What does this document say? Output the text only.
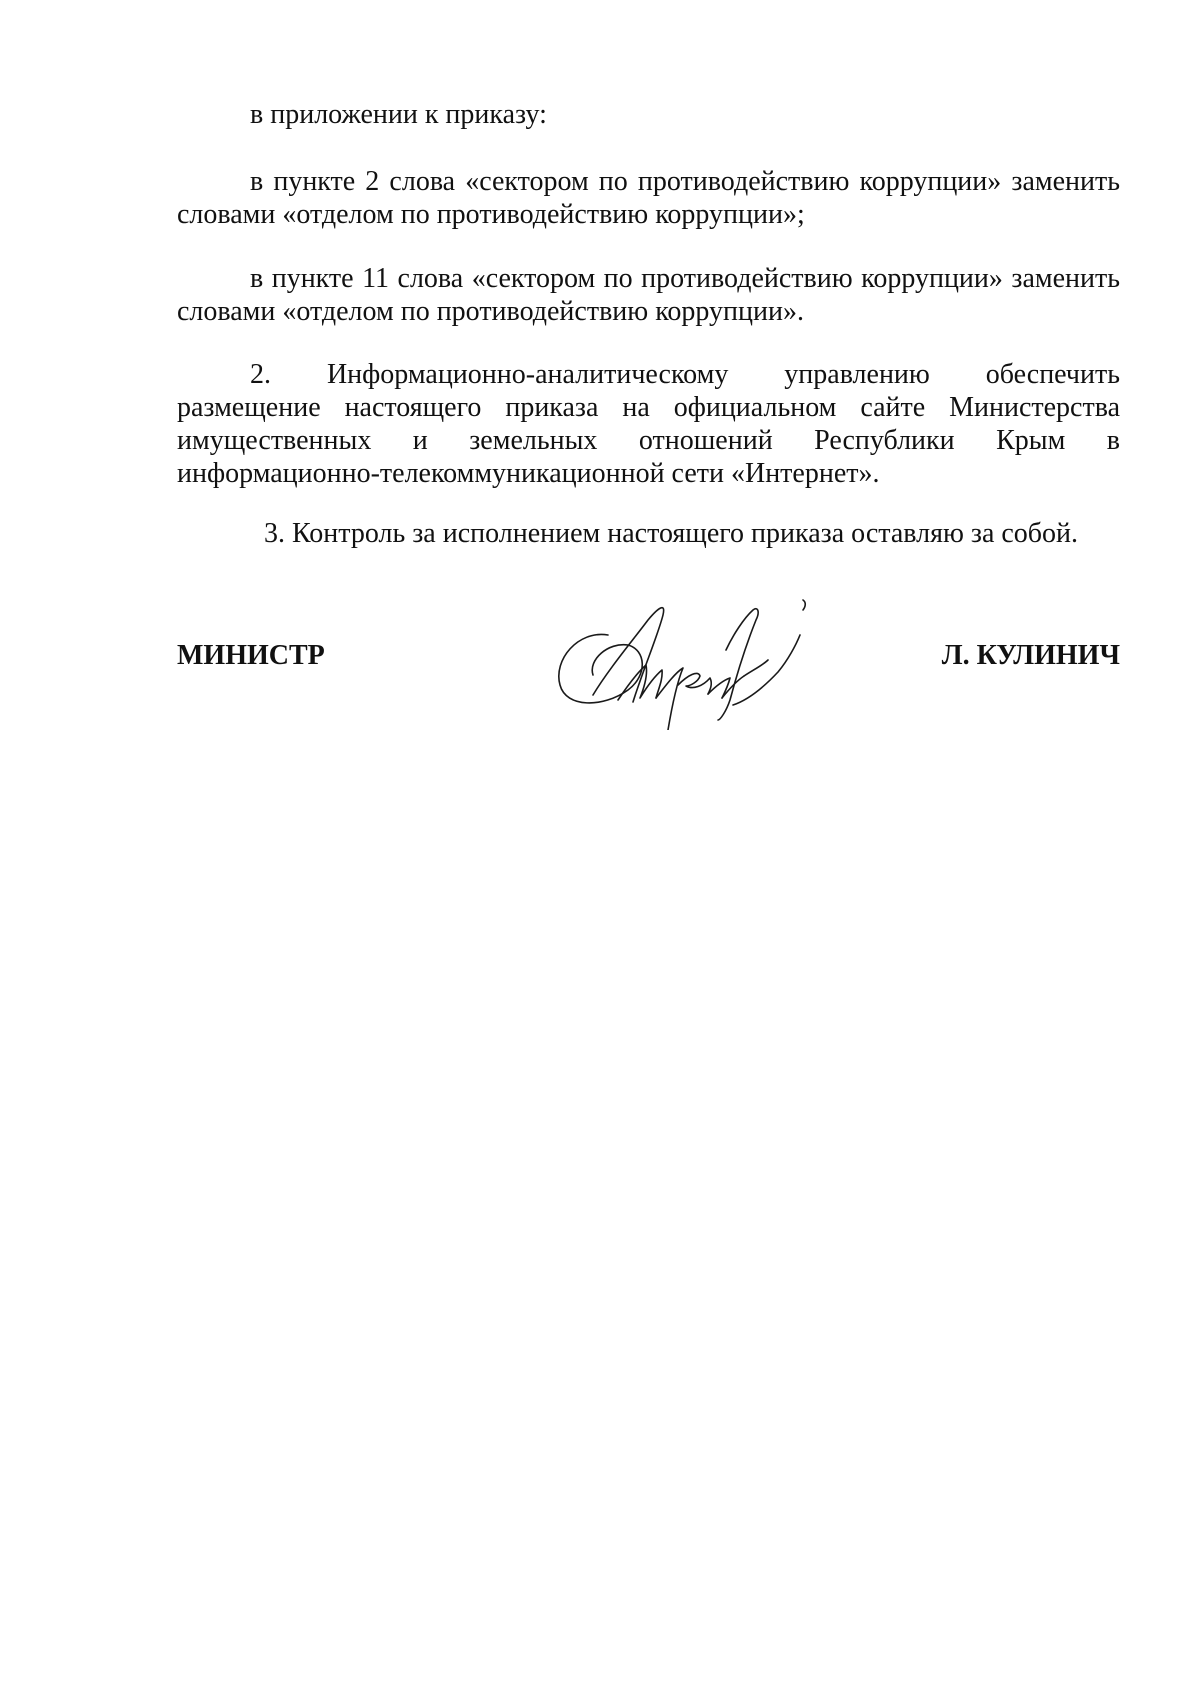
в приложении к приказу:

в пункте 2 слова «сектором по противодействию коррупции» заменить словами «отделом по противодействию коррупции»;

в пункте 11 слова «сектором по противодействию коррупции» заменить словами «отделом по противодействию коррупции».

2. Информационно-аналитическому управлению обеспечить размещение настоящего приказа на официальном сайте Министерства имущественных и земельных отношений Республики Крым в информационно-телекоммуникационной сети «Интернет».

3. Контроль за исполнением настоящего приказа оставляю за собой.

МИНИСТР	Л. КУЛИНИЧ
